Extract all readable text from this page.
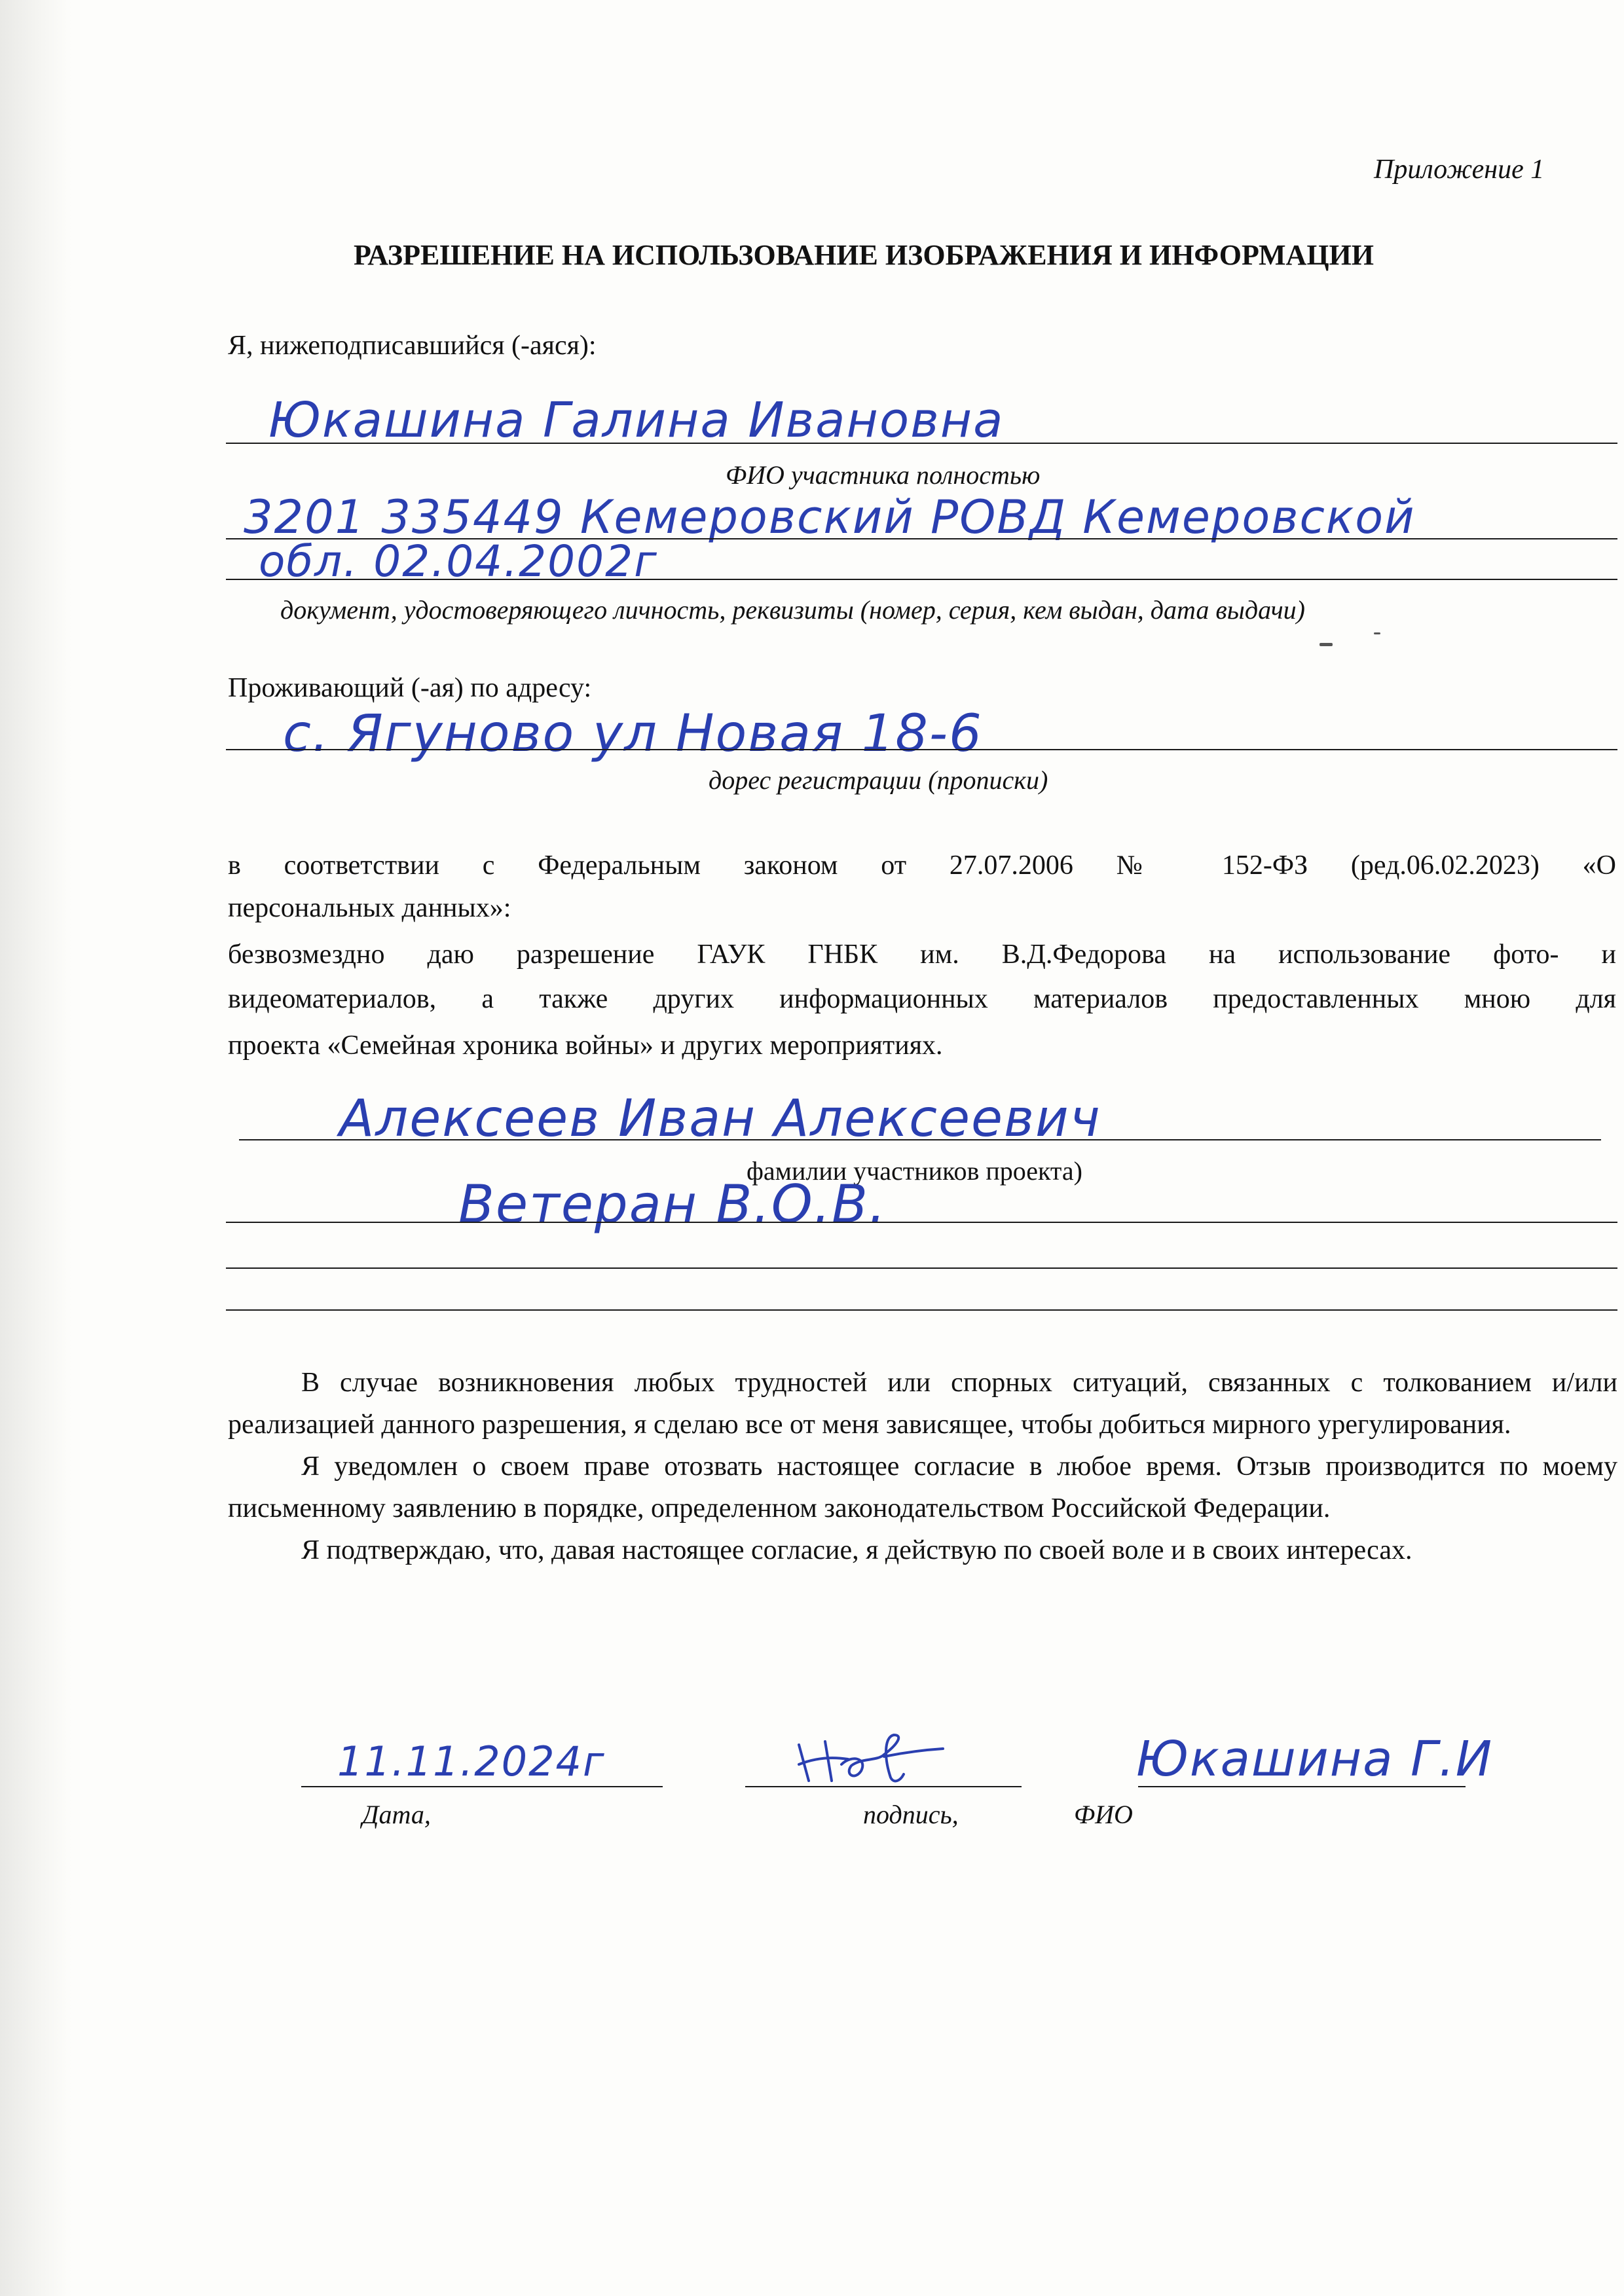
Приложение 1
РАЗРЕШЕНИЕ НА ИСПОЛЬЗОВАНИЕ ИЗОБРАЖЕНИЯ И ИНФОРМАЦИИ
Я, нижеподписавшийся (-аяся):
Юкашина Галина Ивановна
ФИО участника полностью
3201 335449 Кемеровский РОВД Кемеровской
обл. 02.04.2002г
документ, удостоверяющего личность, реквизиты (номер, серия, кем выдан, дата выдачи)
Проживающий (-ая) по адресу:
с. Ягуново ул Новая 18-6
дорес регистрации (прописки)
в соответствии с Федеральным законом от 27.07.2006 № 152-ФЗ (ред.06.02.2023) «О
персональных данных»:
безвозмездно даю разрешение ГАУК ГНБК им. В.Д.Федорова на использование фото- и
видеоматериалов, а также других информационных материалов предоставленных мною для
проекта «Семейная хроника войны» и других мероприятиях.
Алексеев Иван Алексеевич
фамилии участников проекта)
Ветеран В.О.В.

В случае возникновения любых трудностей или спорных ситуаций, связанных с толкованием и/или реализацией данного разрешения, я сделаю все от меня зависящее, чтобы добиться мирного урегулирования.

Я уведомлен о своем праве отозвать настоящее согласие в любое время. Отзыв производится по моему письменному заявлению в порядке, определенном законодательством Российской Федерации.

Я подтверждаю, что, давая настоящее согласие, я действую по своей воле и в своих интересах.

11.11.2024г
Дата,	подпись,
Юкашина Г.И
ФИО
